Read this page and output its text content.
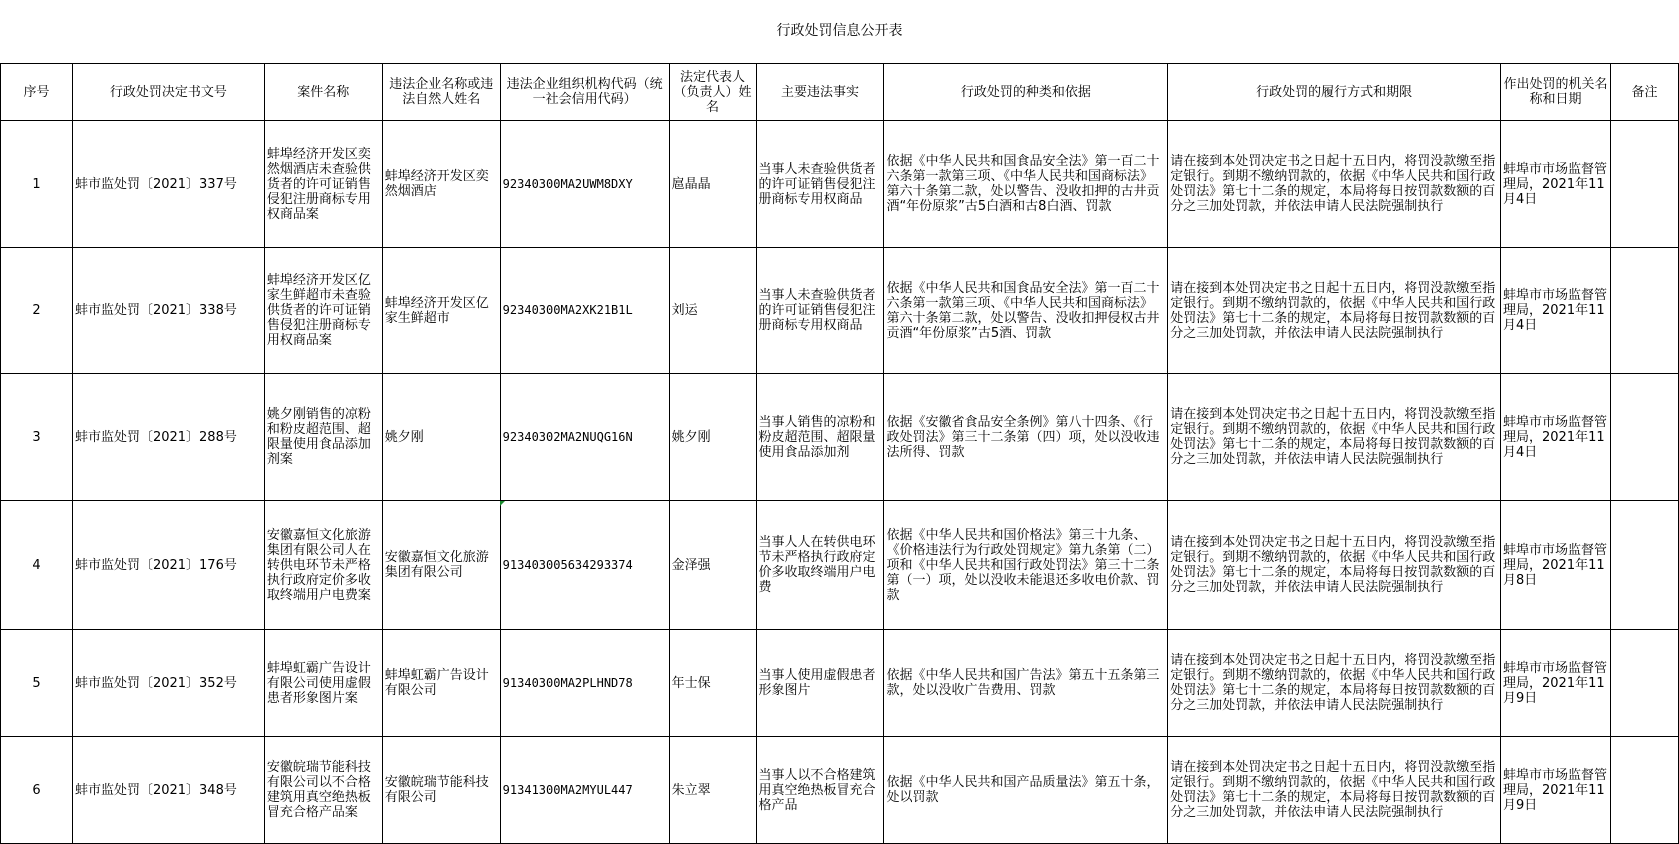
行政处罚信息公开表										
序号	行政处罚决定书文号	案件名称	违法企业名称或违法自然人姓名	违法企业组织机构代码（统一社会信用代码）	法定代表人（负责人）姓名	主要违法事实	行政处罚的种类和依据	行政处罚的履行方式和期限	作出处罚的机关名称和日期	备注
1	蚌市监处罚〔2021〕337号	蚌埠经济开发区奕然烟酒店未查验供货者的许可证销售侵犯注册商标专用权商品案	蚌埠经济开发区奕然烟酒店	92340300MA2UWM8DXY	扈晶晶	当事人未查验供货者的许可证销售侵犯注册商标专用权商品	依据《中华人民共和国食品安全法》第一百二十六条第一款第三项、《中华人民共和国商标法》第六十条第二款，处以警告、没收扣押的古井贡酒“年份原浆”古5白酒和古8白酒、罚款	请在接到本处罚决定书之日起十五日内，将罚没款缴至指定银行。到期不缴纳罚款的，依据《中华人民共和国行政处罚法》第七十二条的规定，本局将每日按罚款数额的百分之三加处罚款，并依法申请人民法院强制执行	蚌埠市市场监督管理局，2021年11月4日	
2	蚌市监处罚〔2021〕338号	蚌埠经济开发区亿家生鲜超市未查验供货者的许可证销售侵犯注册商标专用权商品案	蚌埠经济开发区亿家生鲜超市	92340300MA2XK21B1L	刘运	当事人未查验供货者的许可证销售侵犯注册商标专用权商品	依据《中华人民共和国食品安全法》第一百二十六条第一款第三项、《中华人民共和国商标法》第六十条第二款，处以警告、没收扣押侵权古井贡酒“年份原浆”古5酒、罚款	请在接到本处罚决定书之日起十五日内，将罚没款缴至指定银行。到期不缴纳罚款的，依据《中华人民共和国行政处罚法》第七十二条的规定，本局将每日按罚款数额的百分之三加处罚款，并依法申请人民法院强制执行	蚌埠市市场监督管理局，2021年11月4日	
3	蚌市监处罚〔2021〕288号	姚夕刚销售的凉粉和粉皮超范围、超限量使用食品添加剂案	姚夕刚	92340302MA2NUQG16N	姚夕刚	当事人销售的凉粉和粉皮超范围、超限量使用食品添加剂	依据《安徽省食品安全条例》第八十四条、《行政处罚法》第三十二条第（四）项，处以没收违法所得、罚款	请在接到本处罚决定书之日起十五日内，将罚没款缴至指定银行。到期不缴纳罚款的，依据《中华人民共和国行政处罚法》第七十二条的规定，本局将每日按罚款数额的百分之三加处罚款，并依法申请人民法院强制执行	蚌埠市市场监督管理局，2021年11月4日	
4	蚌市监处罚〔2021〕176号	安徽嘉恒文化旅游集团有限公司人在转供电环节未严格执行政府定价多收取终端用户电费案	安徽嘉恒文化旅游集团有限公司	913403005634293374	金泽强	当事人人在转供电环节未严格执行政府定价多收取终端用户电费	依据《中华人民共和国价格法》第三十九条、《价格违法行为行政处罚规定》第九条第（二）项和《中华人民共和国行政处罚法》第三十二条第（一）项，处以没收未能退还多收电价款、罚款	请在接到本处罚决定书之日起十五日内，将罚没款缴至指定银行。到期不缴纳罚款的，依据《中华人民共和国行政处罚法》第七十二条的规定，本局将每日按罚款数额的百分之三加处罚款，并依法申请人民法院强制执行	蚌埠市市场监督管理局，2021年11月8日	
5	蚌市监处罚〔2021〕352号	蚌埠虹霸广告设计有限公司使用虚假患者形象图片案	蚌埠虹霸广告设计有限公司	91340300MA2PLHND78	年士保	当事人使用虚假患者形象图片	依据《中华人民共和国广告法》第五十五条第三款，处以没收广告费用、罚款	请在接到本处罚决定书之日起十五日内，将罚没款缴至指定银行。到期不缴纳罚款的，依据《中华人民共和国行政处罚法》第七十二条的规定，本局将每日按罚款数额的百分之三加处罚款，并依法申请人民法院强制执行	蚌埠市市场监督管理局，2021年11月9日	
6	蚌市监处罚〔2021〕348号	安徽皖瑞节能科技有限公司以不合格建筑用真空绝热板冒充合格产品案	安徽皖瑞节能科技有限公司	91341300MA2MYUL447	朱立翠	当事人以不合格建筑用真空绝热板冒充合格产品	依据《中华人民共和国产品质量法》第五十条，处以罚款	请在接到本处罚决定书之日起十五日内，将罚没款缴至指定银行。到期不缴纳罚款的，依据《中华人民共和国行政处罚法》第七十二条的规定，本局将每日按罚款数额的百分之三加处罚款，并依法申请人民法院强制执行	蚌埠市市场监督管理局，2021年11月9日	
